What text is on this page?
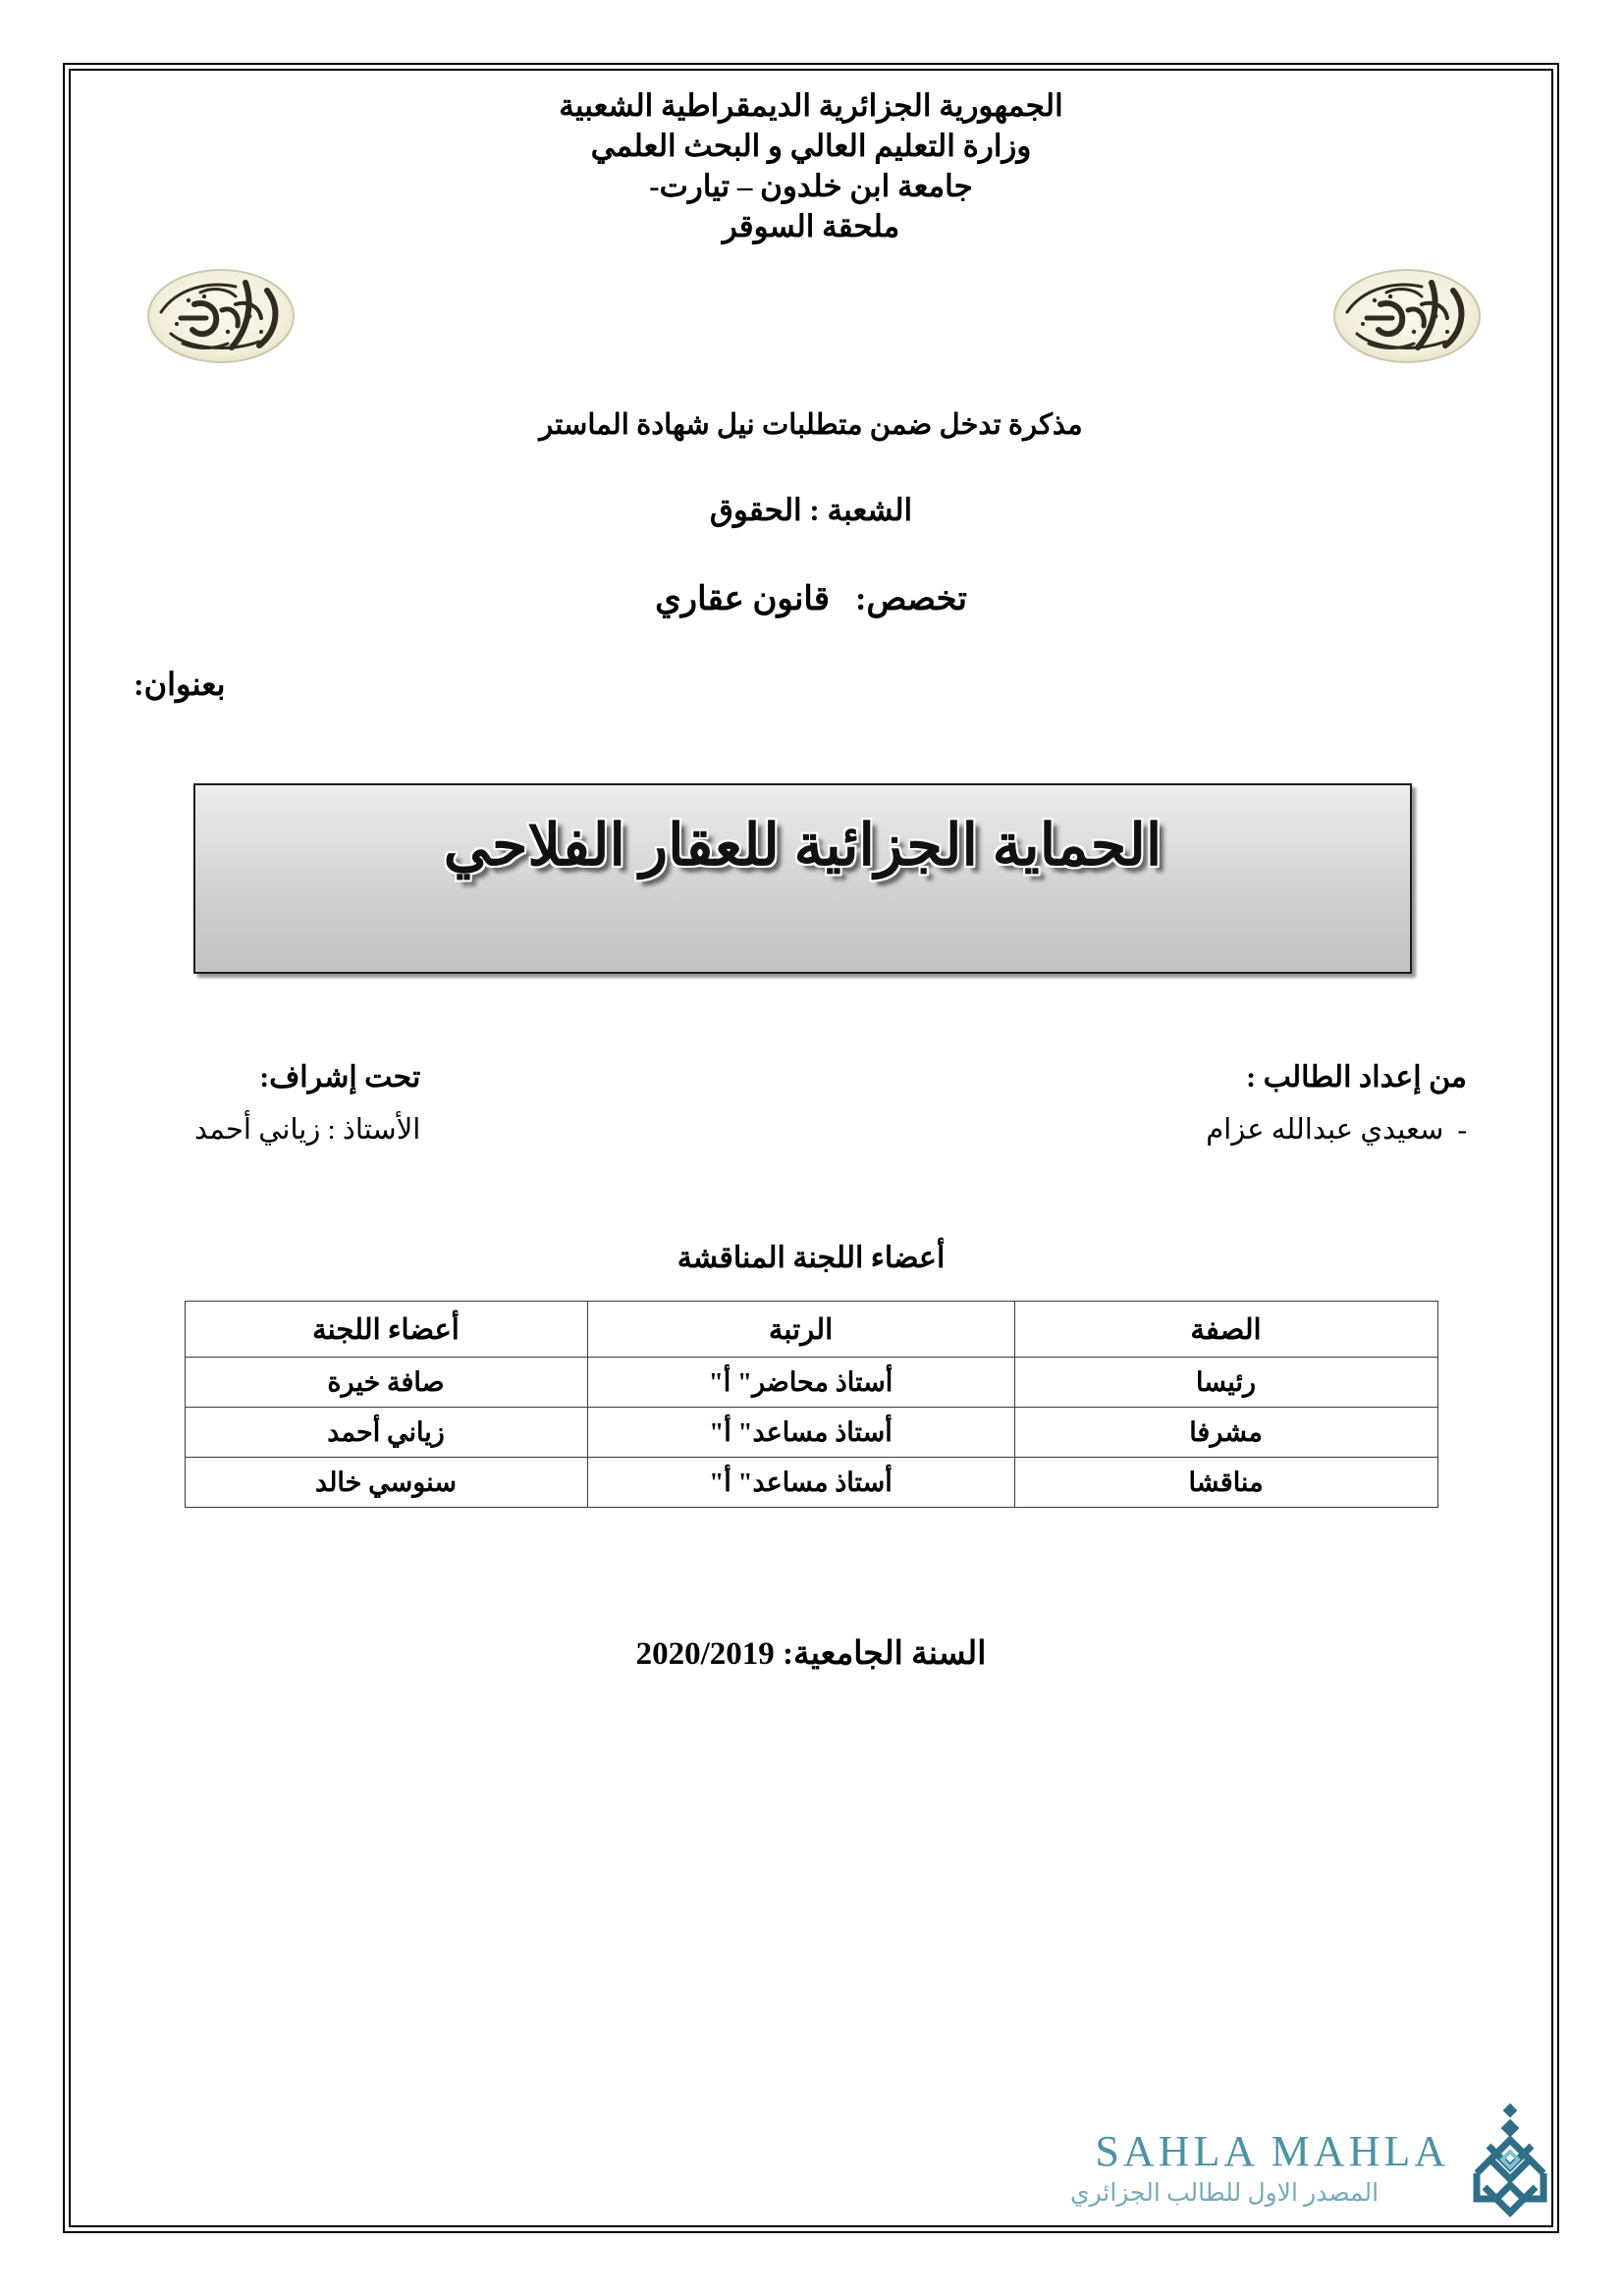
الجمهورية الجزائرية الديمقراطية الشعبية
وزارة التعليم العالي و البحث العلمي
جامعة ابن خلدون – تيارت-
ملحقة السوقر
مذكرة تدخل ضمن متطلبات نيل شهادة الماستر
الشعبة : الحقوق
تخصص:قانون عقاري
بعنوان:
الحماية الجزائية للعقار الفلاحي
من إعداد الطالب :
-سعيدي عبدالله عزام
تحت إشراف:
الأستاذ : زياني أحمد
أعضاء اللجنة المناقشة
الصفة	الرتبة	أعضاء اللجنة
رئيسا	أستاذ محاضر" أ"	صافة خيرة
مشرفا	أستاذ مساعد" أ"	زياني أحمد
مناقشا	أستاذ مساعد" أ"	سنوسي خالد
السنة الجامعية: 2020/2019
SAHLA MAHLA
المصدر الاول للطالب الجزائري
